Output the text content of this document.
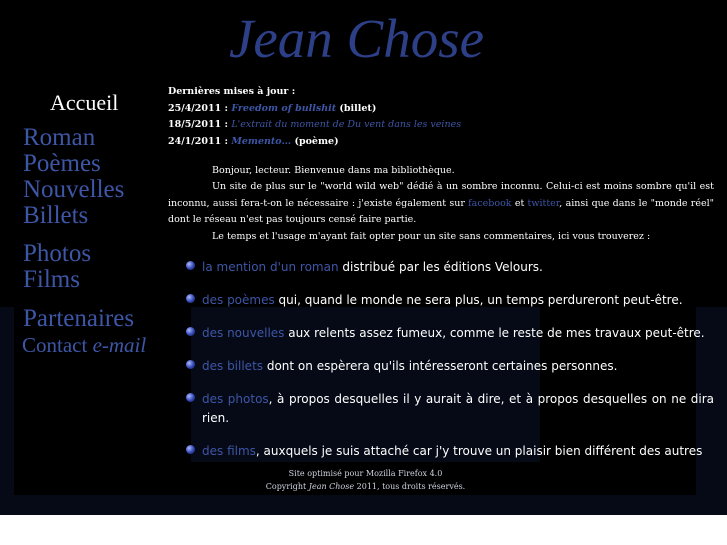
Jean Chose
Accueil
Roman
Poèmes
Nouvelles
Billets
Photos
Films
Partenaires
Contact e-mail
Dernières mises à jour :
25/4/2011 : Freedom of bullshit (billet)
18/5/2011 : L'extrait du moment de Du vent dans les veines
24/1/2011 : Memento… (poème)

Bonjour, lecteur. Bienvenue dans ma bibliothèque.

Un site de plus sur le "world wild web" dédié à un sombre inconnu. Celui-ci est moins sombre qu'il est inconnu, aussi fera-t-on le nécessaire : j'existe également sur facebook et twitter, ainsi que dans le "monde réel" dont le réseau n'est pas toujours censé faire partie.

Le temps et l'usage m'ayant fait opter pour un site sans commentaires, ici vous trouverez :

la mention d'un roman distribué par les éditions Velours.
des poèmes qui, quand le monde ne sera plus, un temps perdureront peut-être.
des nouvelles aux relents assez fumeux, comme le reste de mes travaux peut-être.
des billets dont on espèrera qu'ils intéresseront certaines personnes.
des photos, à propos desquelles il y aurait à dire, et à propos desquelles on ne dira rien.
des films, auxquels je suis attaché car j'y trouve un plaisir bien différent des autres
Site optimisé pour Mozilla Firefox 4.0
Copyright Jean Chose 2011, tous droits réservés.
